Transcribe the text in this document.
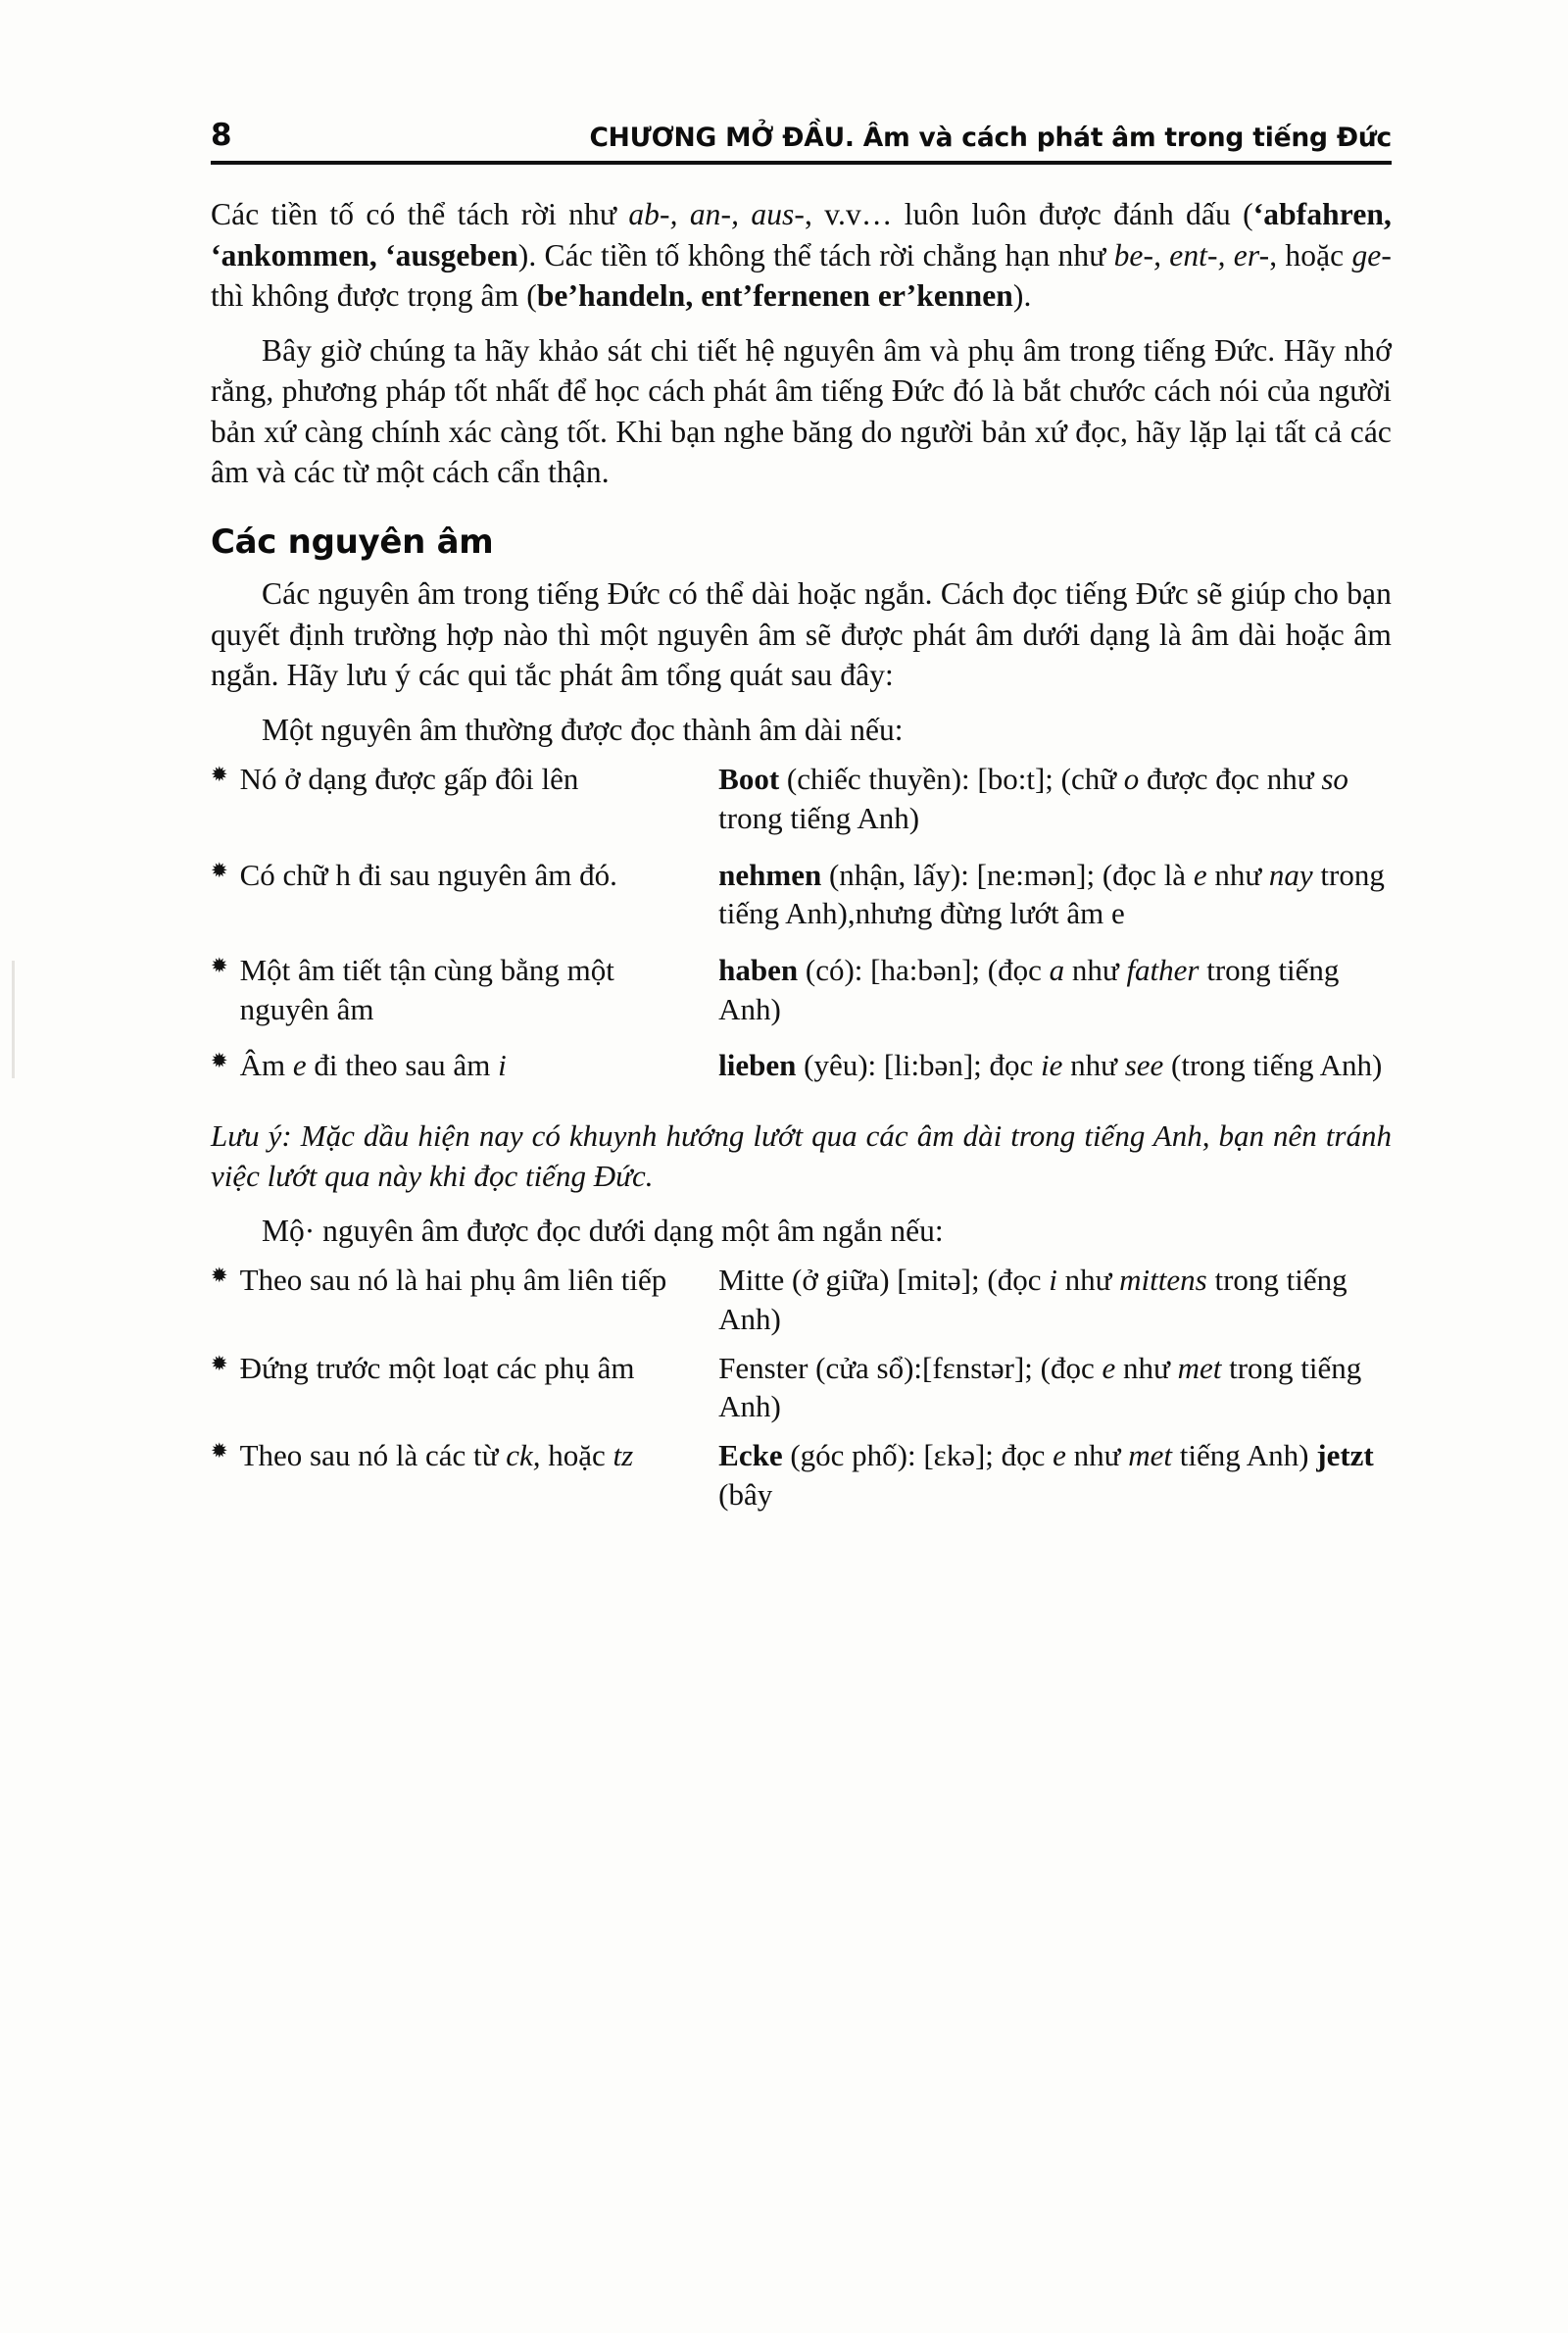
8	CHƯƠNG MỞ ĐẦU. Âm và cách phát âm trong tiếng Đức

Các tiền tố có thể tách rời như ab-, an-, aus-, v.v… luôn luôn được đánh dấu (‘abfahren, ‘ankommen, ‘ausgeben). Các tiền tố không thể tách rời chẳng hạn như be-, ent-, er-, hoặc ge- thì không được trọng âm (be’handeln, ent’fernenen er’kennen).

Bây giờ chúng ta hãy khảo sát chi tiết hệ nguyên âm và phụ âm trong tiếng Đức. Hãy nhớ rằng, phương pháp tốt nhất để học cách phát âm tiếng Đức đó là bắt chước cách nói của người bản xứ càng chính xác càng tốt. Khi bạn nghe băng do người bản xứ đọc, hãy lặp lại tất cả các âm và các từ một cách cẩn thận.

Các nguyên âm

Các nguyên âm trong tiếng Đức có thể dài hoặc ngắn. Cách đọc tiếng Đức sẽ giúp cho bạn quyết định trường hợp nào thì một nguyên âm sẽ được phát âm dưới dạng là âm dài hoặc âm ngắn. Hãy lưu ý các qui tắc phát âm tổng quát sau đây:

Một nguyên âm thường được đọc thành âm dài nếu:

✹ Nó ở dạng được gấp đôi lên	Boot (chiếc thuyền): [bo:t]; (chữ o được đọc như so trong tiếng Anh)

✹ Có chữ h đi sau nguyên âm đó.	nehmen (nhận, lấy): [ne:mən]; (đọc là e như nay trong tiếng Anh),nhưng đừng lướt âm e

✹ Một âm tiết tận cùng bằng một nguyên âm	haben (có): [ha:bən]; (đọc a như father trong tiếng Anh)

✹ Âm e đi theo sau âm i	lieben (yêu): [li:bən]; đọc ie như see (trong tiếng Anh)

Lưu ý: Mặc dầu hiện nay có khuynh hướng lướt qua các âm dài trong tiếng Anh, bạn nên tránh việc lướt qua này khi đọc tiếng Đức.

Mộ· nguyên âm được đọc dưới dạng một âm ngắn nếu:

✹ Theo sau nó là hai phụ âm liên tiếp	Mitte (ở giữa) [mitə]; (đọc i như mittens trong tiếng Anh)

✹ Đứng trước một loạt các phụ âm	Fenster (cửa sổ):[fɛnstər]; (đọc e như met trong tiếng Anh)

✹ Theo sau nó là các từ ck, hoặc tz	Ecke (góc phố): [ɛkə]; đọc e như met tiếng Anh) jetzt (bây
